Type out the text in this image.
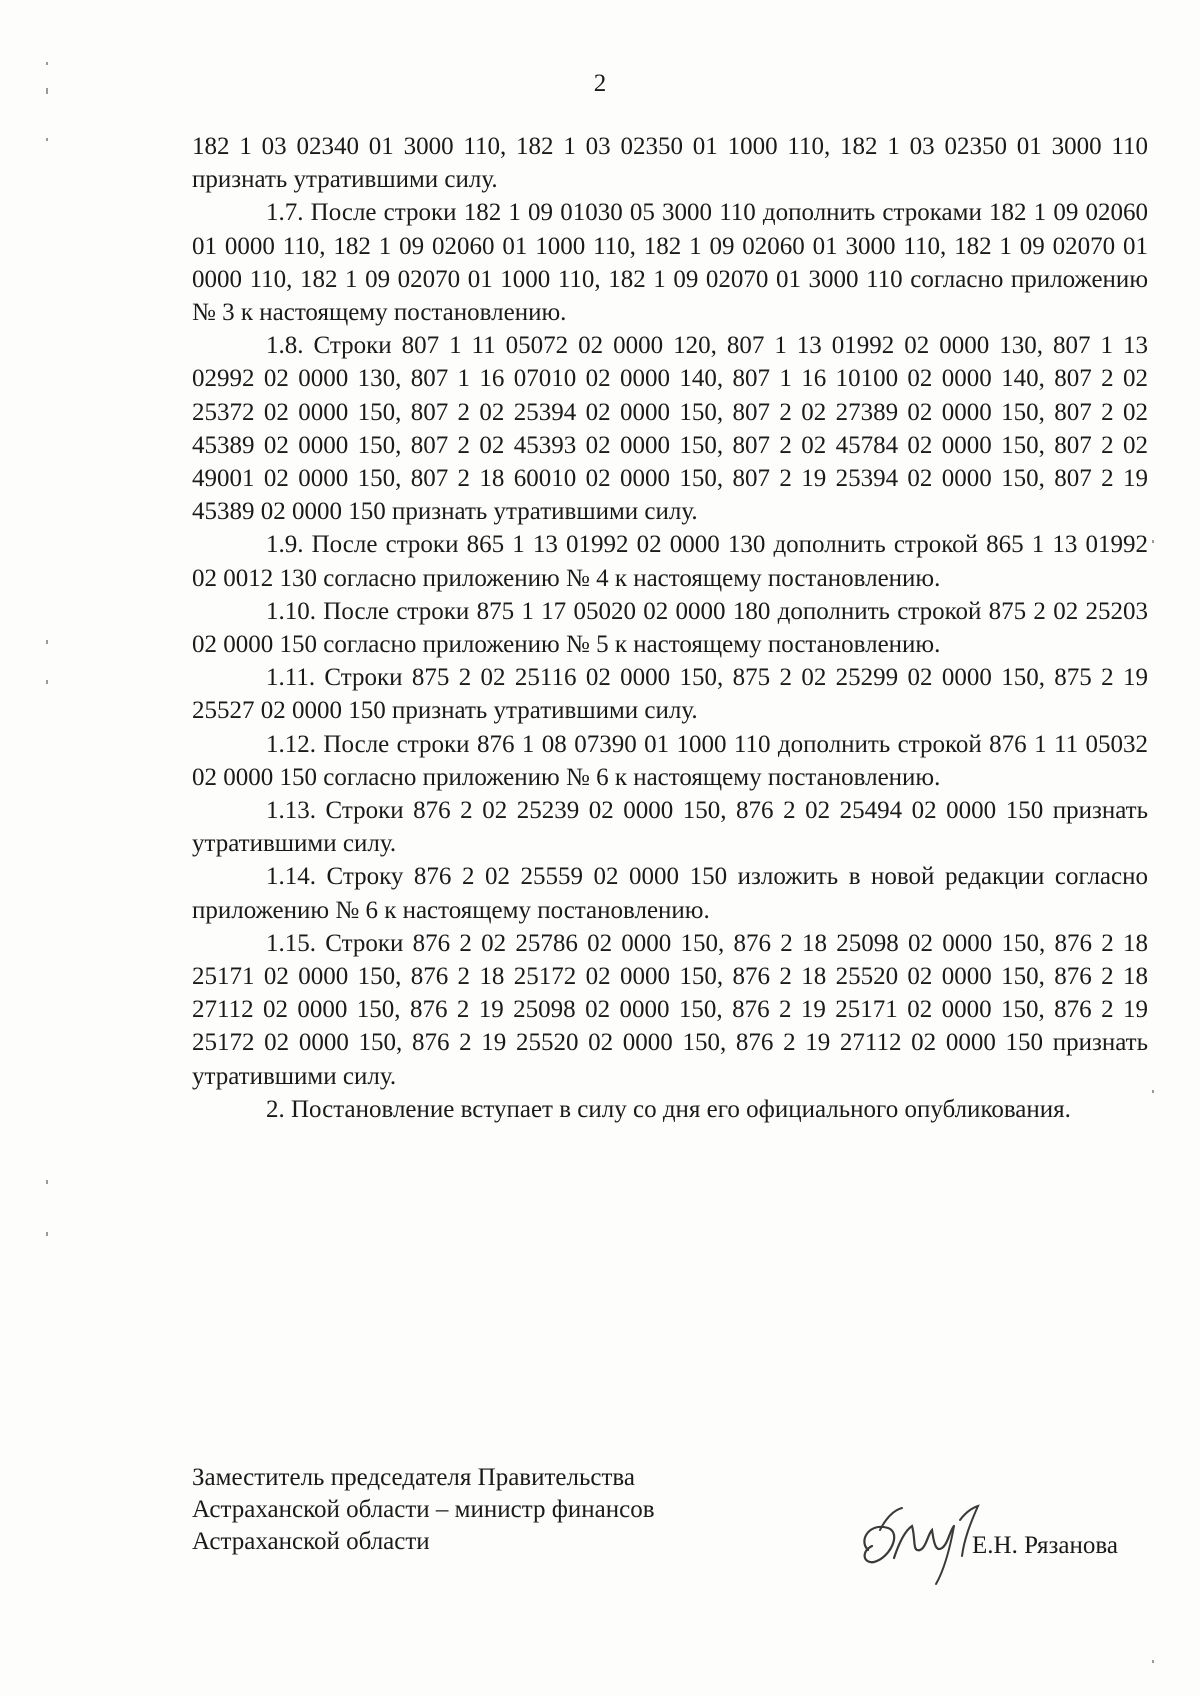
2

182 1 03 02340 01 3000 110, 182 1 03 02350 01 1000 110, 182 1 03 02350 01 3000 110 признать утратившими силу.

1.7. После строки 182 1 09 01030 05 3000 110 дополнить строками 182 1 09 02060 01 0000 110, 182 1 09 02060 01 1000 110, 182 1 09 02060 01 3000 110, 182 1 09 02070 01 0000 110, 182 1 09 02070 01 1000 110, 182 1 09 02070 01 3000 110 согласно приложению № 3 к настоящему постановлению.

1.8. Строки 807 1 11 05072 02 0000 120, 807 1 13 01992 02 0000 130, 807 1 13 02992 02 0000 130, 807 1 16 07010 02 0000 140, 807 1 16 10100 02 0000 140, 807 2 02 25372 02 0000 150, 807 2 02 25394 02 0000 150, 807 2 02 27389 02 0000 150, 807 2 02 45389 02 0000 150, 807 2 02 45393 02 0000 150, 807 2 02 45784 02 0000 150, 807 2 02 49001 02 0000 150, 807 2 18 60010 02 0000 150, 807 2 19 25394 02 0000 150, 807 2 19 45389 02 0000 150 признать утратившими силу.

1.9. После строки 865 1 13 01992 02 0000 130 дополнить строкой 865 1 13 01992 02 0012 130 согласно приложению № 4 к настоящему постановлению.

1.10. После строки 875 1 17 05020 02 0000 180 дополнить строкой 875 2 02 25203 02 0000 150 согласно приложению № 5 к настоящему постановлению.

1.11. Строки 875 2 02 25116 02 0000 150, 875 2 02 25299 02 0000 150, 875 2 19 25527 02 0000 150 признать утратившими силу.

1.12. После строки 876 1 08 07390 01 1000 110 дополнить строкой 876 1 11 05032 02 0000 150 согласно приложению № 6 к настоящему постановлению.

1.13. Строки 876 2 02 25239 02 0000 150, 876 2 02 25494 02 0000 150 признать утратившими силу.

1.14. Строку 876 2 02 25559 02 0000 150 изложить в новой редакции согласно приложению № 6 к настоящему постановлению.

1.15. Строки 876 2 02 25786 02 0000 150, 876 2 18 25098 02 0000 150, 876 2 18 25171 02 0000 150, 876 2 18 25172 02 0000 150, 876 2 18 25520 02 0000 150, 876 2 18 27112 02 0000 150, 876 2 19 25098 02 0000 150, 876 2 19 25171 02 0000 150, 876 2 19 25172 02 0000 150, 876 2 19 25520 02 0000 150, 876 2 19 27112 02 0000 150 признать утратившими силу.

2. Постановление вступает в силу со дня его официального опубликования.

Заместитель председателя Правительства
Астраханской области – министр финансов
Астраханской области	Е.Н. Рязанова
